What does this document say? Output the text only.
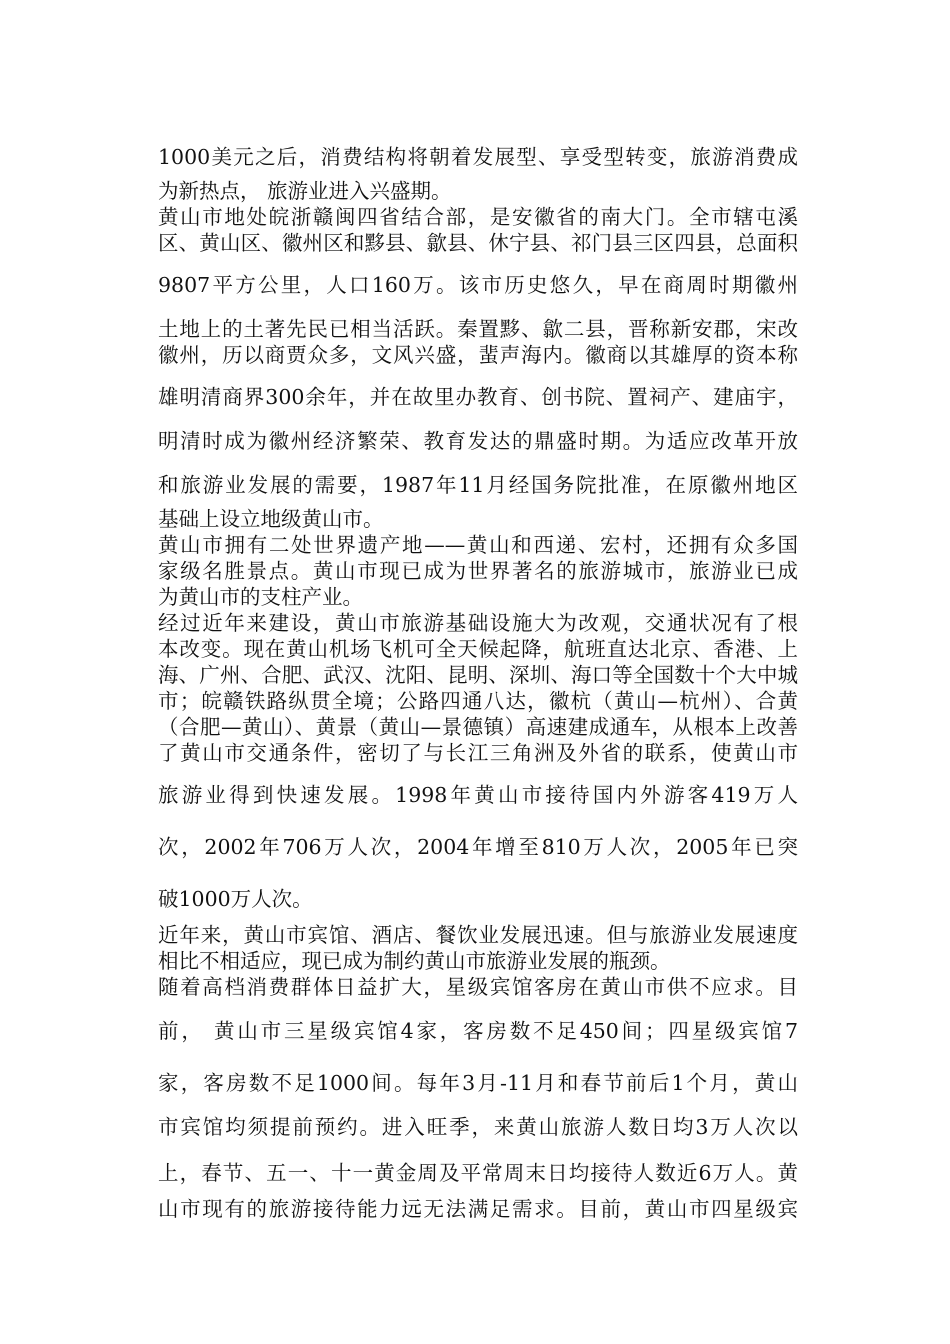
1000美元之后，消费结构将朝着发展型、享受型转变，旅游消费成
为新热点， 旅游业进入兴盛期。
黄山市地处皖浙赣闽四省结合部，是安徽省的南大门。全市辖屯溪
区、黄山区、徽州区和黟县、歙县、休宁县、祁门县三区四县，总面积
9807平方公里，人口160万。该市历史悠久，早在商周时期徽州
土地上的土著先民已相当活跃。秦置黟、歙二县，晋称新安郡，宋改
徽州，历以商贾众多，文风兴盛，蜚声海内。徽商以其雄厚的资本称
雄明清商界300余年，并在故里办教育、创书院、置祠产、建庙宇，
明清时成为徽州经济繁荣、教育发达的鼎盛时期。为适应改革开放
和旅游业发展的需要，1987年11月经国务院批准，在原徽州地区
基础上设立地级黄山市。
黄山市拥有二处世界遗产地——黄山和西递、宏村，还拥有众多国
家级名胜景点。黄山市现已成为世界著名的旅游城市，旅游业已成
为黄山市的支柱产业。
经过近年来建设，黄山市旅游基础设施大为改观，交通状况有了根
本改变。现在黄山机场飞机可全天候起降，航班直达北京、香港、上
海、广州、合肥、武汉、沈阳、昆明、深圳、海口等全国数十个大中城
市；皖赣铁路纵贯全境；公路四通八达，徽杭（黄山—杭州）、合黄
（合肥—黄山）、黄景（黄山—景德镇）高速建成通车，从根本上改善
了黄山市交通条件，密切了与长江三角洲及外省的联系，使黄山市
旅游业得到快速发展。1998年黄山市接待国内外游客419万人
次，2002年706万人次，2004年增至810万人次，2005年已突
破1000万人次。
近年来，黄山市宾馆、酒店、餐饮业发展迅速。但与旅游业发展速度
相比不相适应，现已成为制约黄山市旅游业发展的瓶颈。
随着高档消费群体日益扩大，星级宾馆客房在黄山市供不应求。目
前， 黄山市三星级宾馆4家，客房数不足450间；四星级宾馆7
家，客房数不足1000间。每年3月-11月和春节前后1个月，黄山
市宾馆均须提前预约。进入旺季，来黄山旅游人数日均3万人次以
上，春节、五一、十一黄金周及平常周末日均接待人数近6万人。黄
山市现有的旅游接待能力远无法满足需求。目前，黄山市四星级宾
